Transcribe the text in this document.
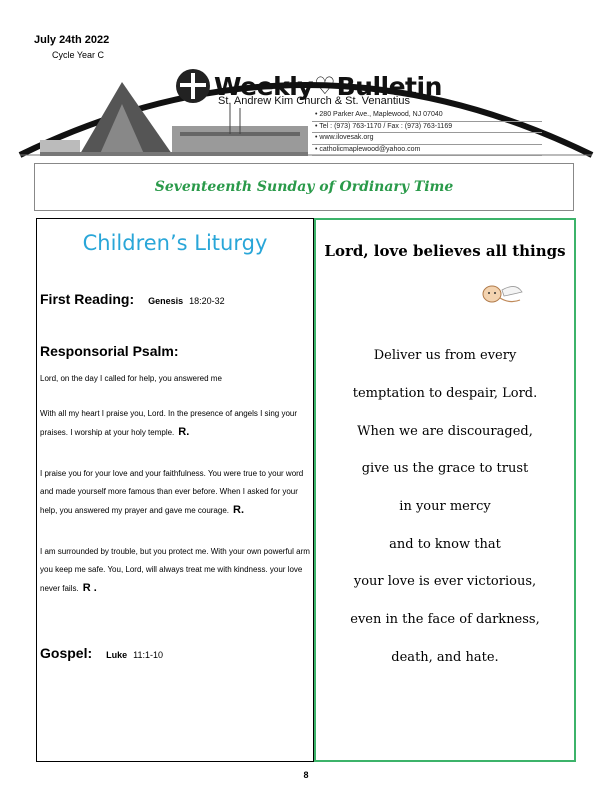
July 24th 2022
Cycle Year C
Weekly ♡ Bulletin
St. Andrew Kim Church & St. Venantius
• 280 Parker Ave., Maplewood, NJ 07040
• Tel : (973) 763-1170 / Fax : (973) 763-1169
• www.ilovesak.org
• catholicmaplewood@yahoo.com
Seventeenth Sunday of Ordinary Time
Children’s Liturgy
First Reading: Genesis 18:20-32
Responsorial Psalm:
Lord, on the day I called for help, you answered me
With all my heart I praise you, Lord. In the presence of angels I sing your praises. I worship at your holy temple. R.
I praise you for your love and your faithfulness. You were true to your word and made yourself more famous than ever before. When I asked for your help, you answered my prayer and gave me courage. R.
I am surrounded by trouble, but you protect me. With your own powerful arm you keep me safe. You, Lord, will always treat me with kindness. your love never fails. R .
Gospel: Luke 11:1-10
Lord, love believes all things
Deliver us from every
temptation to despair, Lord.
When we are discouraged,
give us the grace to trust
in your mercy
and to know that
your love is ever victorious,
even in the face of darkness,
death, and hate.
8
